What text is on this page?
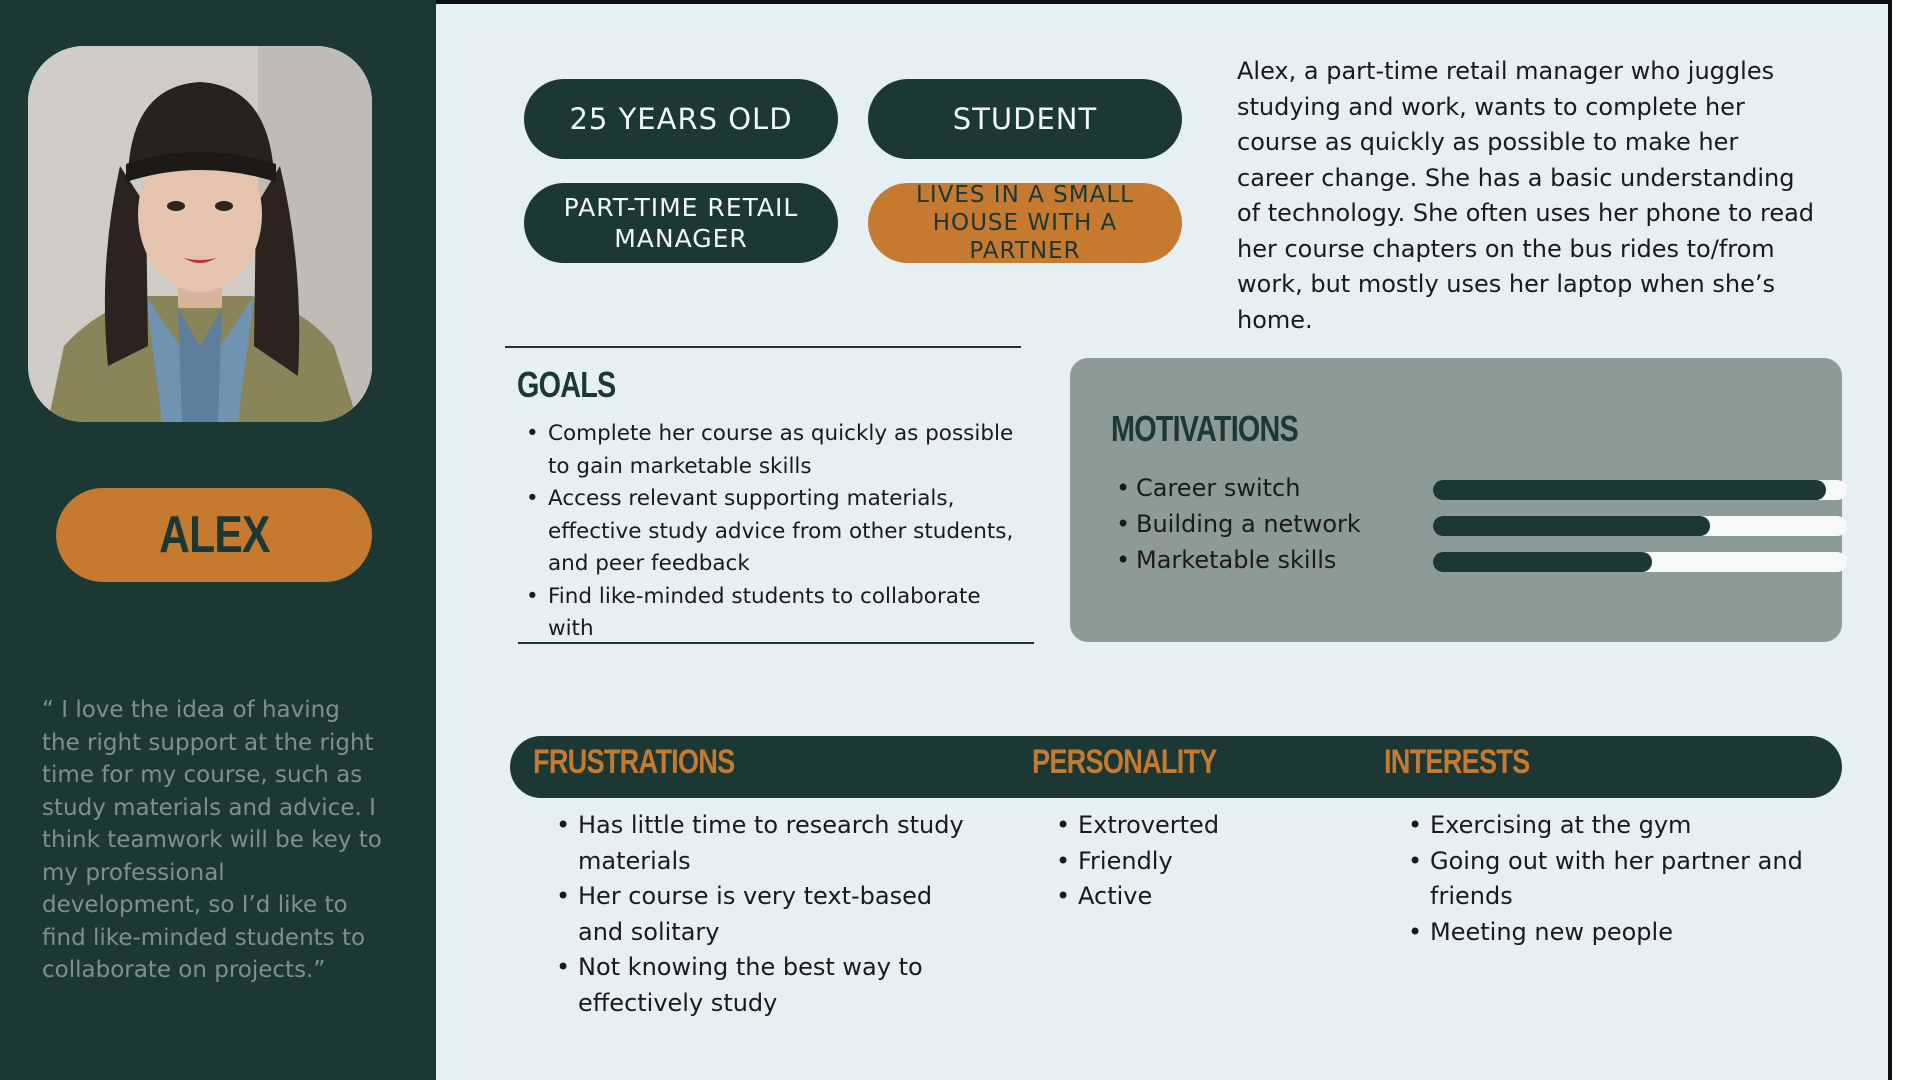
ALEX

“ I love the idea of having the right support at the right time for my course, such as study materials and advice. I think teamwork will be key to my professional development, so I’d like to find like-minded students to collaborate on projects.”

25 YEARS OLD	STUDENT
PART-TIME RETAIL MANAGER
LIVES IN A SMALL HOUSE WITH A PARTNER

Alex, a part-time retail manager who juggles studying and work, wants to complete her course as quickly as possible to make her career change. She has a basic understanding of technology. She often uses her phone to read her course chapters on the bus rides to/from work, but mostly uses her laptop when she’s home.

GOALS
• Complete her course as quickly as possible to gain marketable skills
• Access relevant supporting materials, effective study advice from other students, and peer feedback
• Find like-minded students to collaborate with
MOTIVATIONS
• Career switch
• Building a network
• Marketable skills
FRUSTRATIONS	PERSONALITY	INTERESTS
• Has little time to research study materials
• Her course is very text-based and solitary
• Not knowing the best way to effectively study
• Extroverted
• Friendly
• Active
• Exercising at the gym
• Going out with her partner and friends
• Meeting new people
